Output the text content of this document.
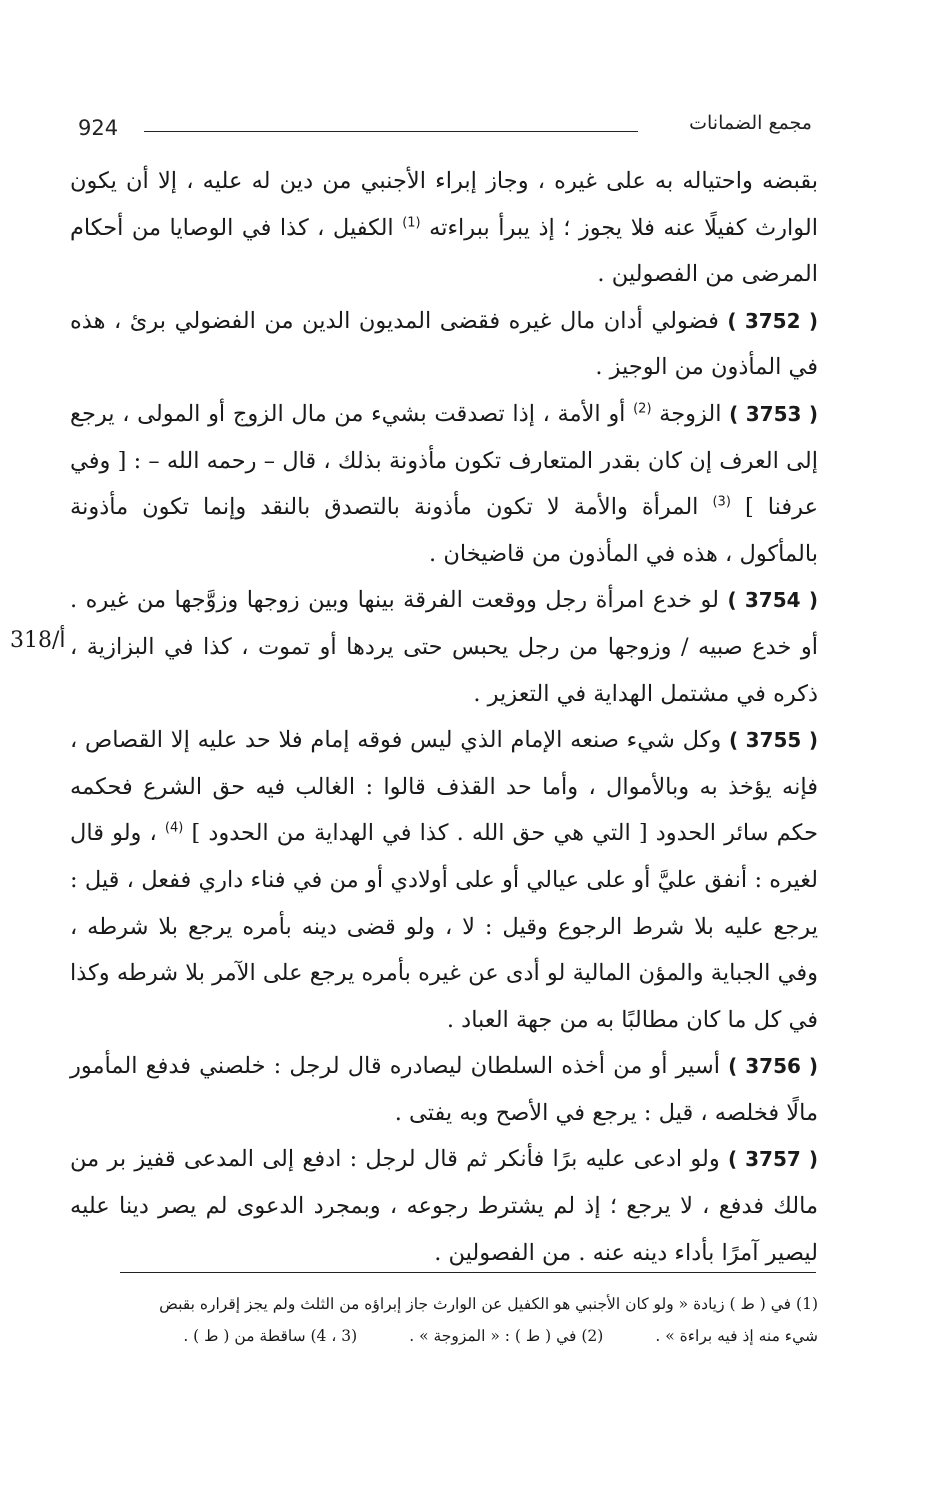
924	مجمع الضمانات
318/أ

بقبضه واحتياله به على غيره ، وجاز إبراء الأجنبي من دين له عليه ، إلا أن يكون الوارث كفيلًا عنه فلا يجوز ؛ إذ يبرأ ببراءته $^{(1)}$ الكفيل ، كذا في الوصايا من أحكام المرضى من الفصولين .

( 3752 ) فضولي أدان مال غيره فقضى المديون الدين من الفضولي برئ ، هذه في المأذون من الوجيز .

( 3753 ) الزوجة $^{(2)}$ أو الأمة ، إذا تصدقت بشيء من مال الزوج أو المولى ، يرجع إلى العرف إن كان بقدر المتعارف تكون مأذونة بذلك ، قال – رحمه الله – : [ وفي عرفنا ] $^{(3)}$ المرأة والأمة لا تكون مأذونة بالتصدق بالنقد وإنما تكون مأذونة بالمأكول ، هذه في المأذون من قاضيخان .

( 3754 ) لو خدع امرأة رجل ووقعت الفرقة بينها وبين زوجها وزوَّجها من غيره . أو خدع صبيه / وزوجها من رجل يحبس حتى يردها أو تموت ، كذا في البزازية ، ذكره في مشتمل الهداية في التعزير .

( 3755 ) وكل شيء صنعه الإمام الذي ليس فوقه إمام فلا حد عليه إلا القصاص ، فإنه يؤخذ به وبالأموال ، وأما حد القذف قالوا : الغالب فيه حق الشرع فحكمه حكم سائر الحدود [ التي هي حق الله . كذا في الهداية من الحدود ] $^{(4)}$ ، ولو قال لغيره : أنفق عليَّ أو على عيالي أو على أولادي أو من في فناء داري ففعل ، قيل : يرجع عليه بلا شرط الرجوع وقيل : لا ، ولو قضى دينه بأمره يرجع بلا شرطه ، وفي الجباية والمؤن المالية لو أدى عن غيره بأمره يرجع على الآمر بلا شرطه وكذا في كل ما كان مطالبًا به من جهة العباد .

( 3756 ) أسير أو من أخذه السلطان ليصادره قال لرجل : خلصني فدفع المأمور مالًا فخلصه ، قيل : يرجع في الأصح وبه يفتى .

( 3757 ) ولو ادعى عليه برًا فأنكر ثم قال لرجل : ادفع إلى المدعى قفيز بر من مالك فدفع ، لا يرجع ؛ إذ لم يشترط رجوعه ، وبمجرد الدعوى لم يصر دينا عليه ليصير آمرًا بأداء دينه عنه . من الفصولين .

(1) في ( ط ) زيادة « ولو كان الأجنبي هو الكفيل عن الوارث جاز إبراؤه من الثلث ولم يجز إقراره بقبض

شيء منه إذ فيه براءة » .(2) في ( ط ) : « المزوجة » .(3 ، 4) ساقطة من ( ط ) .
